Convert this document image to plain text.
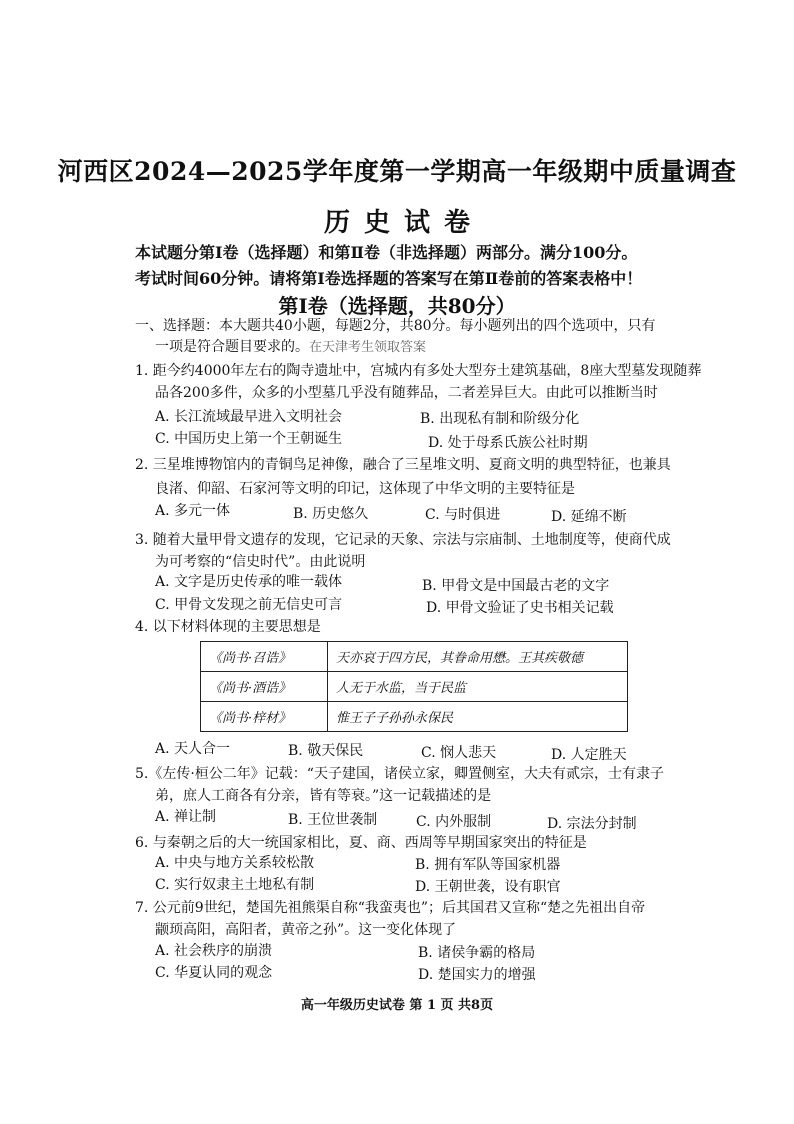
河西区2024—2025学年度第一学期高一年级期中质量调查
历史试卷
本试题分第Ⅰ卷（选择题）和第Ⅱ卷（非选择题）两部分。满分100分。
考试时间60分钟。请将第Ⅰ卷选择题的答案写在第Ⅱ卷前的答案表格中！
第Ⅰ卷（选择题，共80分）
一、选择题：本大题共40小题，每题2分，共80分。每小题列出的四个选项中，只有
一项是符合题目要求的。在天津考生领取答案
1. 距今约4000年左右的陶寺遗址中，宫城内有多处大型夯土建筑基础，8座大型墓发现随葬
品各200多件，众多的小型墓几乎没有随葬品，二者差异巨大。由此可以推断当时
A. 长江流域最早进入文明社会	B. 出现私有制和阶级分化
C. 中国历史上第一个王朝诞生	D. 处于母系氏族公社时期
2. 三星堆博物馆内的青铜鸟足神像，融合了三星堆文明、夏商文明的典型特征，也兼具
良渚、仰韶、石家河等文明的印记，这体现了中华文明的主要特征是
A. 多元一体	B. 历史悠久	C. 与时俱进	D. 延绵不断
3. 随着大量甲骨文遗存的发现，它记录的天象、宗法与宗庙制、土地制度等，使商代成
为可考察的“信史时代”。由此说明
A. 文字是历史传承的唯一载体	B. 甲骨文是中国最古老的文字
C. 甲骨文发现之前无信史可言	D. 甲骨文验证了史书相关记载
4. 以下材料体现的主要思想是
《尚书·召诰》	天亦哀于四方民，其眷命用懋。王其疾敬德
《尚书·酒诰》	人无于水监，当于民监
《尚书·梓材》	惟王子子孙孙永保民
A. 天人合一	B. 敬天保民	C. 悯人悲天	D. 人定胜天
5.《左传·桓公二年》记载：“天子建国，诸侯立家，卿置侧室，大夫有贰宗，士有隶子
弟，庶人工商各有分亲，皆有等衰。”这一记载描述的是
A. 禅让制	B. 王位世袭制	C. 内外服制	D. 宗法分封制
6. 与秦朝之后的大一统国家相比，夏、商、西周等早期国家突出的特征是
A. 中央与地方关系较松散	B. 拥有军队等国家机器
C. 实行奴隶主土地私有制	D. 王朝世袭，设有职官
7. 公元前9世纪，楚国先祖熊渠自称“我蛮夷也”；后其国君又宣称“楚之先祖出自帝
颛顼高阳，高阳者，黄帝之孙”。这一变化体现了
A. 社会秩序的崩溃	B. 诸侯争霸的格局
C. 华夏认同的观念	D. 楚国实力的增强
高一年级历史试卷 第 1 页 共8页
